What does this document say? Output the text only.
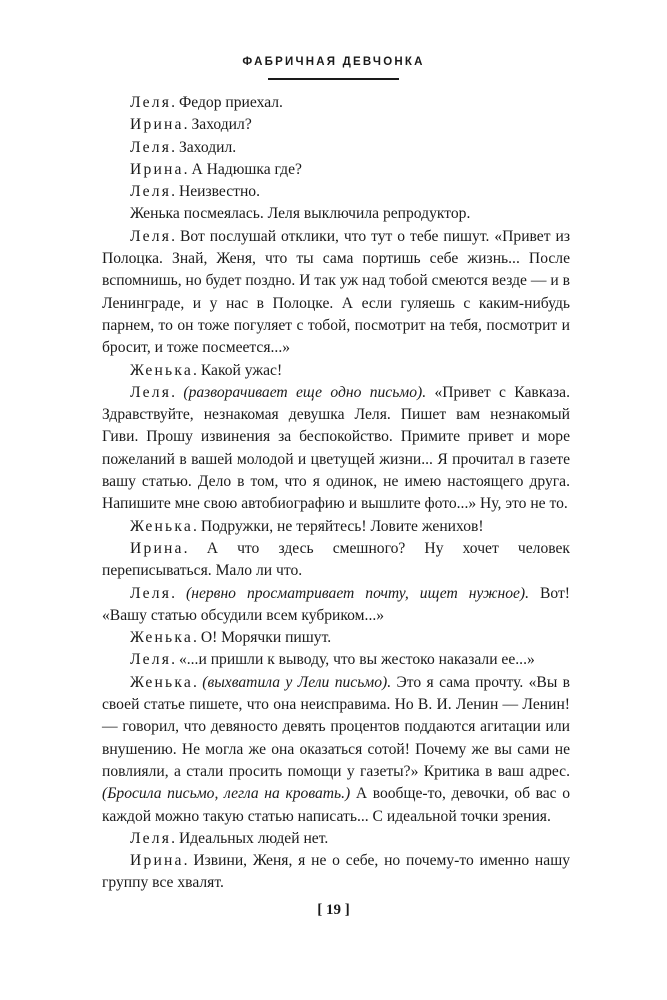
ФАБРИЧНАЯ ДЕВЧОНКА

Леля. Федор приехал.

Ирина. Заходил?

Леля. Заходил.

Ирина. А Надюшка где?

Леля. Неизвестно.

Женька посмеялась. Леля выключила репродуктор.

Леля. Вот послушай отклики, что тут о тебе пишут. «Привет из Полоцка. Знай, Женя, что ты сама портишь себе жизнь... После вспомнишь, но будет поздно. И так уж над тобой смеются везде — и в Ленинграде, и у нас в Полоцке. А если гуляешь с каким-нибудь парнем, то он тоже погуляет с тобой, посмотрит на тебя, посмотрит и бросит, и тоже посмеется...»

Женька. Какой ужас!

Леля. (разворачивает еще одно письмо). «Привет с Кавказа. Здравствуйте, незнакомая девушка Леля. Пишет вам незнакомый Гиви. Прошу извинения за беспокойство. Примите привет и море пожеланий в вашей молодой и цветущей жизни... Я прочитал в газете вашу статью. Дело в том, что я одинок, не имею настоящего друга. Напишите мне свою автобиографию и вышлите фото...» Ну, это не то.

Женька. Подружки, не теряйтесь! Ловите женихов!

Ирина. А что здесь смешного? Ну хочет человек переписываться. Мало ли что.

Леля. (нервно просматривает почту, ищет нужное). Вот! «Вашу статью обсудили всем кубриком...»

Женька. О! Морячки пишут.

Леля. «...и пришли к выводу, что вы жестоко наказали ее...»

Женька. (выхватила у Лели письмо). Это я сама прочту. «Вы в своей статье пишете, что она неисправима. Но В. И. Ленин — Ленин! — говорил, что девяносто девять процентов поддаются агитации или внушению. Не могла же она оказаться сотой! Почему же вы сами не повлияли, а стали просить помощи у газеты?» Критика в ваш адрес. (Бросила письмо, легла на кровать.) А вообще-то, девочки, об вас о каждой можно такую статью написать... С идеальной точки зрения.

Леля. Идеальных людей нет.

Ирина. Извини, Женя, я не о себе, но почему-то именно нашу группу все хвалят.

[ 19 ]
